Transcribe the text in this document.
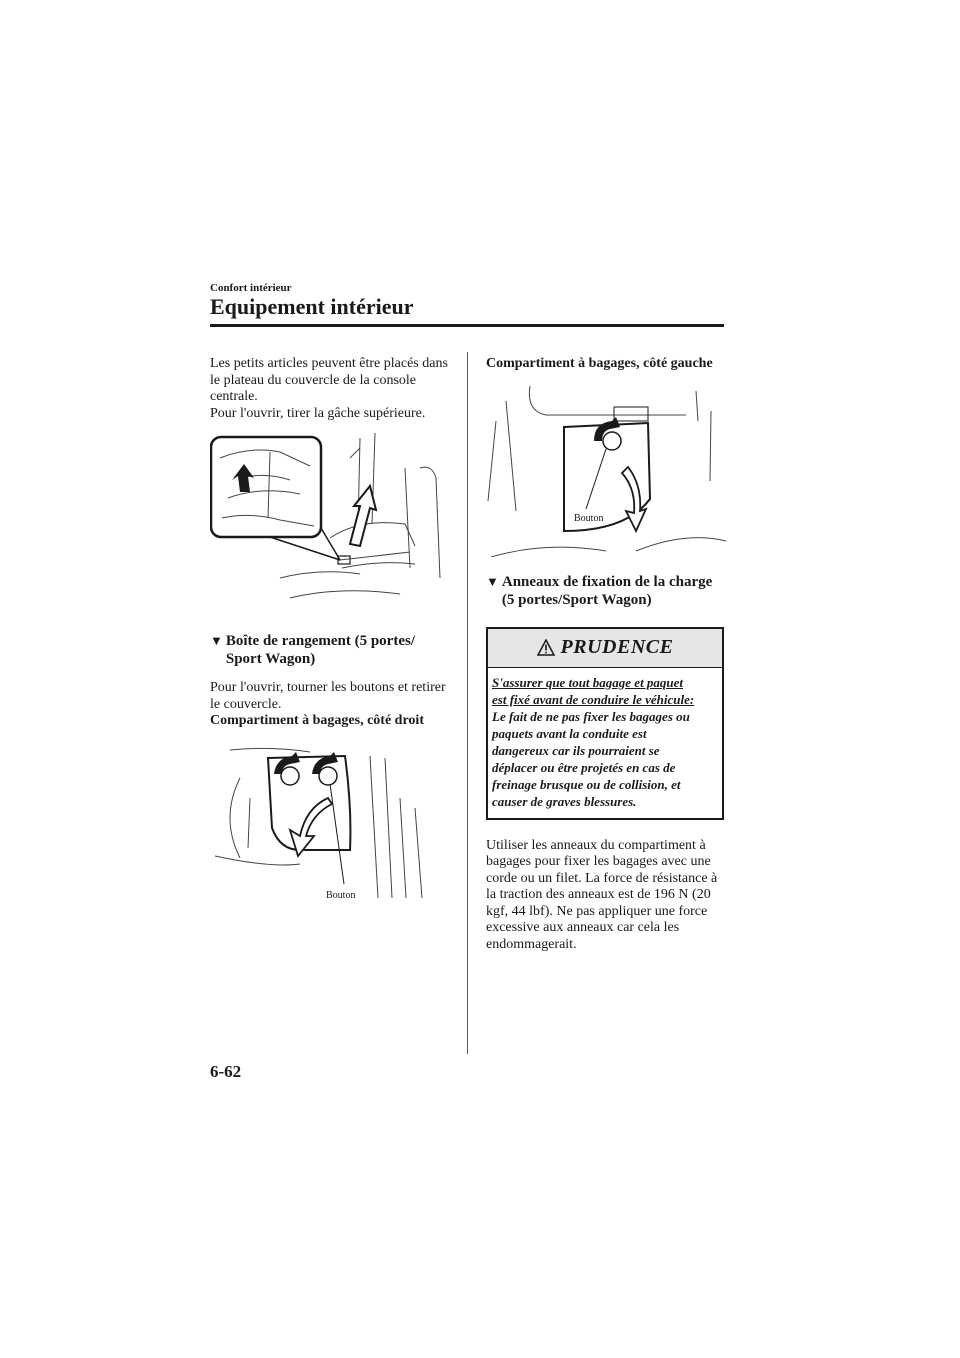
Confort intérieur
Equipement intérieur

Les petits articles peuvent être placés dans

le plateau du couvercle de la console

centrale.

Pour l'ouvrir, tirer la gâche supérieure.

▼ Boîte de rangement (5 portes/
Sport Wagon)

Pour l'ouvrir, tourner les boutons et retirer

le couvercle.

Compartiment à bagages, côté droit

Bouton

Compartiment à bagages, côté gauche

Bouton
▼ Anneaux de fixation de la charge
(5 portes/Sport Wagon)
PRUDENCE
S'assurer que tout bagage et paquet
est fixé avant de conduire le véhicule:
Le fait de ne pas fixer les bagages ou
paquets avant la conduite est
dangereux car ils pourraient se
déplacer ou être projetés en cas de
freinage brusque ou de collision, et
causer de graves blessures.

Utiliser les anneaux du compartiment à

bagages pour fixer les bagages avec une

corde ou un filet. La force de résistance à

la traction des anneaux est de 196 N (20

kgf, 44 lbf). Ne pas appliquer une force

excessive aux anneaux car cela les

endommagerait.

6-62
